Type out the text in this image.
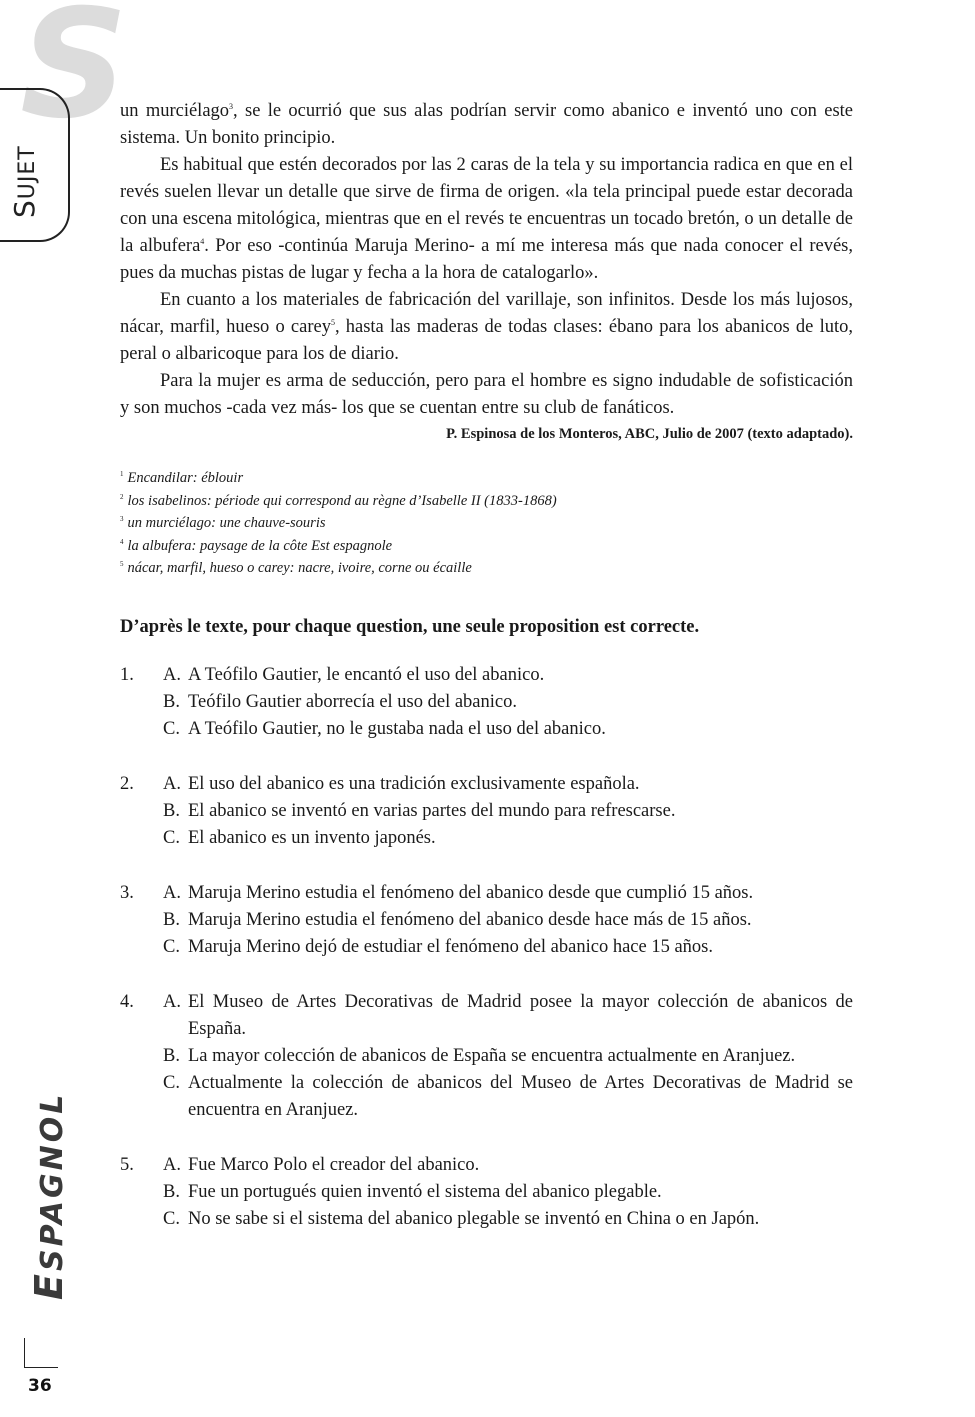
S
SUJET
ESPAGNOL
36

un murciélago$^3$, se le ocurrió que sus alas podrían servir como abanico e inventó uno con este sistema. Un bonito principio.

Es habitual que estén decorados por las 2 caras de la tela y su importancia radica en que en el revés suelen llevar un detalle que sirve de firma de origen. «la tela principal puede estar decorada con una escena mitológica, mientras que en el revés te encuentras un tocado bretón, o un detalle de la albufera$^4$. Por eso -continúa Maruja Merino- a mí me interesa más que nada conocer el revés, pues da muchas pistas de lugar y fecha a la hora de catalogarlo».

En cuanto a los materiales de fabricación del varillaje, son infinitos. Desde los más lujosos, nácar, marfil, hueso o carey$^5$, hasta las maderas de todas clases: ébano para los abanicos de luto, peral o albaricoque para los de diario.

Para la mujer es arma de seducción, pero para el hombre es signo indudable de sofisticación y son muchos -cada vez más- los que se cuentan entre su club de fanáticos.

P. Espinosa de los Monteros, ABC, Julio de 2007 (texto adaptado).

$^1$ Encandilar: éblouir

$^2$ los isabelinos: période qui correspond au règne d’Isabelle II (1833-1868)

$^3$ un murciélago: une chauve-souris

$^4$ la albufera: paysage de la côte Est espagnole

$^5$ nácar, marfil, hueso o carey: nacre, ivoire, corne ou écaille

D’après le texte, pour chaque question, une seule proposition est correcte.

1.	A. A Teófilo Gautier, le encantó el uso del abanico.
B. Teófilo Gautier aborrecía el uso del abanico.
C. A Teófilo Gautier, no le gustaba nada el uso del abanico.
2.	A. El uso del abanico es una tradición exclusivamente española.
B. El abanico se inventó en varias partes del mundo para refrescarse.
C. El abanico es un invento japonés.
3.	A. Maruja Merino estudia el fenómeno del abanico desde que cumplió 15 años.
B. Maruja Merino estudia el fenómeno del abanico desde hace más de 15 años.
C. Maruja Merino dejó de estudiar el fenómeno del abanico hace 15 años.
4.	A. El Museo de Artes Decorativas de Madrid posee la mayor colección de abanicos de España.
B. La mayor colección de abanicos de España se encuentra actualmente en Aranjuez.
C. Actualmente la colección de abanicos del Museo de Artes Decorativas de Madrid se encuentra en Aranjuez.
5.	A. Fue Marco Polo el creador del abanico.
B. Fue un portugués quien inventó el sistema del abanico plegable.
C. No se sabe si el sistema del abanico plegable se inventó en China o en Japón.
